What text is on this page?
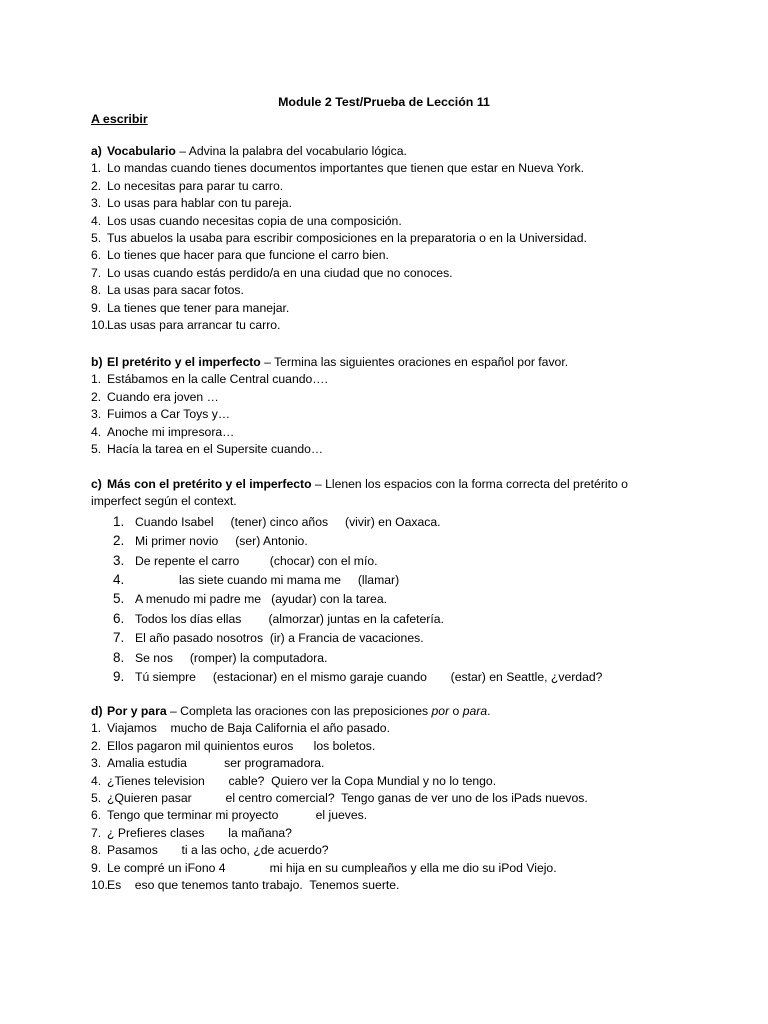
Module 2 Test/Prueba de Lección 11
A escribir
a) Vocabulario – Advina la palabra del vocabulario lógica.
1. Lo mandas cuando tienes documentos importantes que tienen que estar en Nueva York.
2. Lo necesitas para parar tu carro.
3. Lo usas para hablar con tu pareja.
4. Los usas cuando necesitas copia de una composición.
5. Tus abuelos la usaba para escribir composiciones en la preparatoria o en la Universidad.
6. Lo tienes que hacer para que funcione el carro bien.
7. Lo usas cuando estás perdido/a en una ciudad que no conoces.
8. La usas para sacar fotos.
9. La tienes que tener para manejar.
10.Las usas para arrancar tu carro.
b) El pretérito y el imperfecto – Termina las siguientes oraciones en español por favor.
1. Estábamos en la calle Central cuando….
2. Cuando era joven …
3. Fuimos a Car Toys y…
4. Anoche mi impresora…
5. Hacía la tarea en el Supersite cuando…
c) Más con el pretérito y el imperfecto – Llenen los espacios con la forma correcta del pretérito o imperfect según el context.
1. Cuando Isabel     (tener) cinco años     (vivir) en Oaxaca.
2. Mi primer novio     (ser) Antonio.
3. De repente el carro         (chocar) con el mío.
4.             las siete cuando mi mama me     (llamar)
5. A menudo mi padre me   (ayudar) con la tarea.
6. Todos los días ellas        (almorzar) juntas en la cafetería.
7. El año pasado nosotros  (ir) a Francia de vacaciones.
8. Se nos     (romper) la computadora.
9. Tú siempre     (estacionar) en el mismo garaje cuando       (estar) en Seattle, ¿verdad?
d) Por y para – Completa las oraciones con las preposiciones por o para.
1. Viajamos    mucho de Baja California el año pasado.
2. Ellos pagaron mil quinientos euros      los boletos.
3. Amalia estudia           ser programadora.
4. ¿Tienes television       cable?  Quiero ver la Copa Mundial y no lo tengo.
5. ¿Quieren pasar          el centro comercial?  Tengo ganas de ver uno de los iPads nuevos.
6. Tengo que terminar mi proyecto           el jueves.
7. ¿ Prefieres clases       la mañana?
8. Pasamos       ti a las ocho, ¿de acuerdo?
9. Le compré un iFono 4             mi hija en su cumpleaños y ella me dio su iPod Viejo.
10.Es    eso que tenemos tanto trabajo.  Tenemos suerte.
